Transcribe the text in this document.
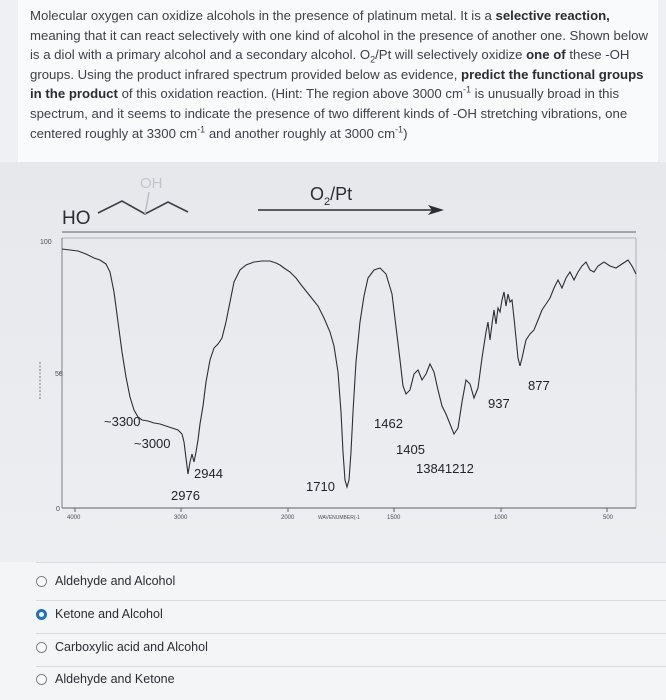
Molecular oxygen can oxidize alcohols in the presence of platinum metal. It is a selective reaction, meaning that it can react selectively with one kind of alcohol in the presence of another one. Shown below is a diol with a primary alcohol and a secondary alcohol. $O_2/Pt$ will selectively oxidize one of these -OH groups. Using the product infrared spectrum provided below as evidence, predict the functional groups in the product of this oxidation reaction. (Hint: The region above 3000 $cm^{-1}$ is unusually broad in this spectrum, and it seems to indicate the presence of two different kinds of -OH stretching vibrations, one centered roughly at 3300 $cm^{-1}$ and another roughly at 3000 $cm^{-1}$)
HO
OH
$O_2/Pt$
100
50
0
4000	3000	2000	1500	1000	500
WAVENUMBER(-1
~3300
~3000
2944
2976
1710
1462
1405
13841212
937
877
Aldehyde and Alcohol
Ketone and Alcohol
Carboxylic acid and Alcohol
Aldehyde and Ketone
